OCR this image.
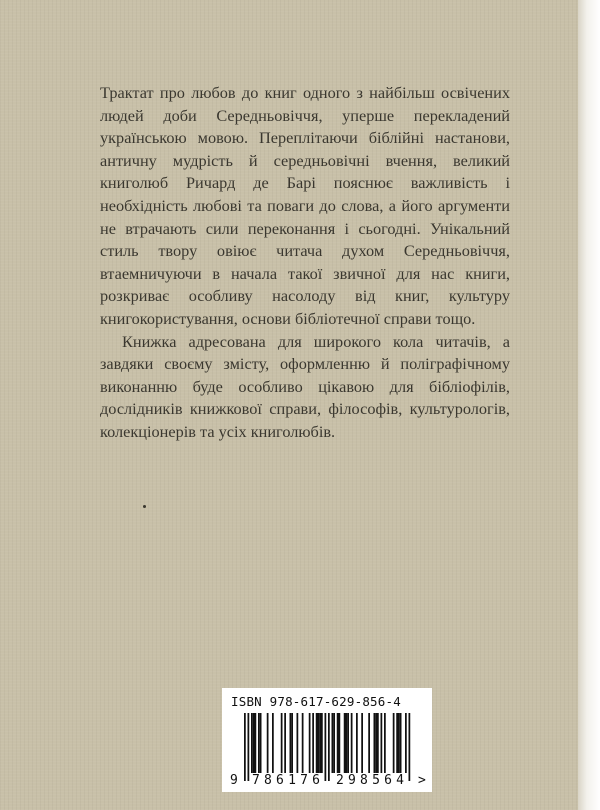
Трактат про любов до книг одного з найбільш освічених людей доби Середньовіччя, уперше перекладений українською мовою. Переплітаючи біблійні настанови, античну мудрість й середньовічні вчення, великий книголюб Ричард де Барі пояснює важливість і необхідність любові та поваги до слова, а його аргументи не втрачають сили переконання і сьогодні. Унікальний стиль твору овіює читача духом Середньовіччя, втаемничуючи в начала такої звичної для нас книги, розкриває особливу насолоду від книг, культуру книгокористування, основи бібліотечної справи тощо.

Книжка адресована для широкого кола читачів, а завдяки своєму змісту, оформленню й поліграфічному виконанню буде особливо цікавою для бібліофілів, дослідників книжкової справи, філософів, культурологів, колекціонерів та усіх книголюбів.

ISBN 978-617-629-856-4
9 786176 298564 >
